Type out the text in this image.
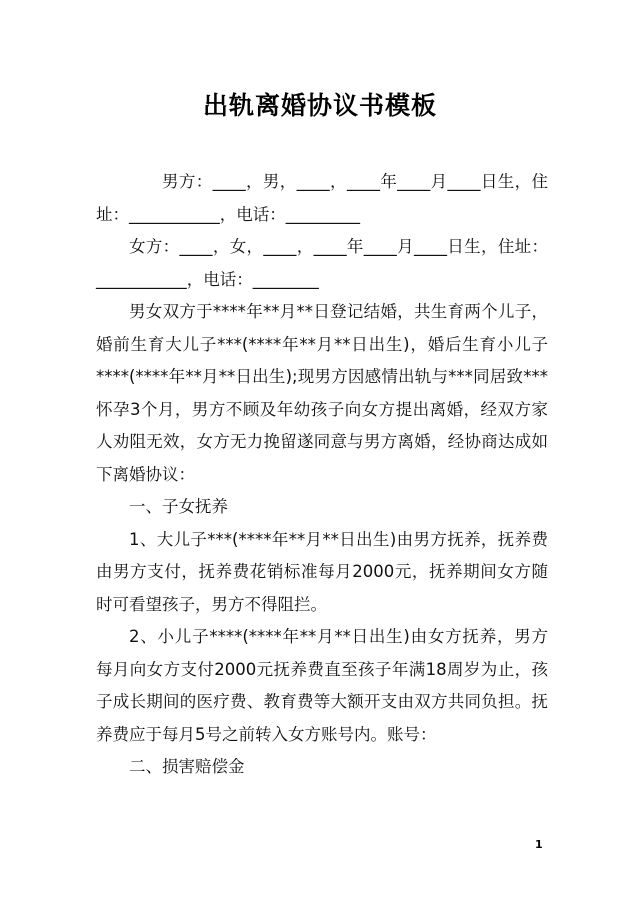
出轨离婚协议书模板

男方：____，男，____，____年____月____日生，住址：___________，电话：_________

女方：____，女，____，____年____月____日生，住址：___________，电话：________

男女双方于****年**月**日登记结婚，共生育两个儿子，婚前生育大儿子***(****年**月**日出生)，婚后生育小儿子****(****年**月**日出生);现男方因感情出轨与***同居致***怀孕3个月，男方不顾及年幼孩子向女方提出离婚，经双方家人劝阻无效，女方无力挽留遂同意与男方离婚，经协商达成如下离婚协议：

一、子女抚养

1、大儿子***(****年**月**日出生)由男方抚养，抚养费由男方支付，抚养费花销标准每月2000元，抚养期间女方随时可看望孩子，男方不得阻拦。

2、小儿子****(****年**月**日出生)由女方抚养，男方每月向女方支付2000元抚养费直至孩子年满18周岁为止，孩子成长期间的医疗费、教育费等大额开支由双方共同负担。抚养费应于每月5号之前转入女方账号内。账号：

二、损害赔偿金

1
